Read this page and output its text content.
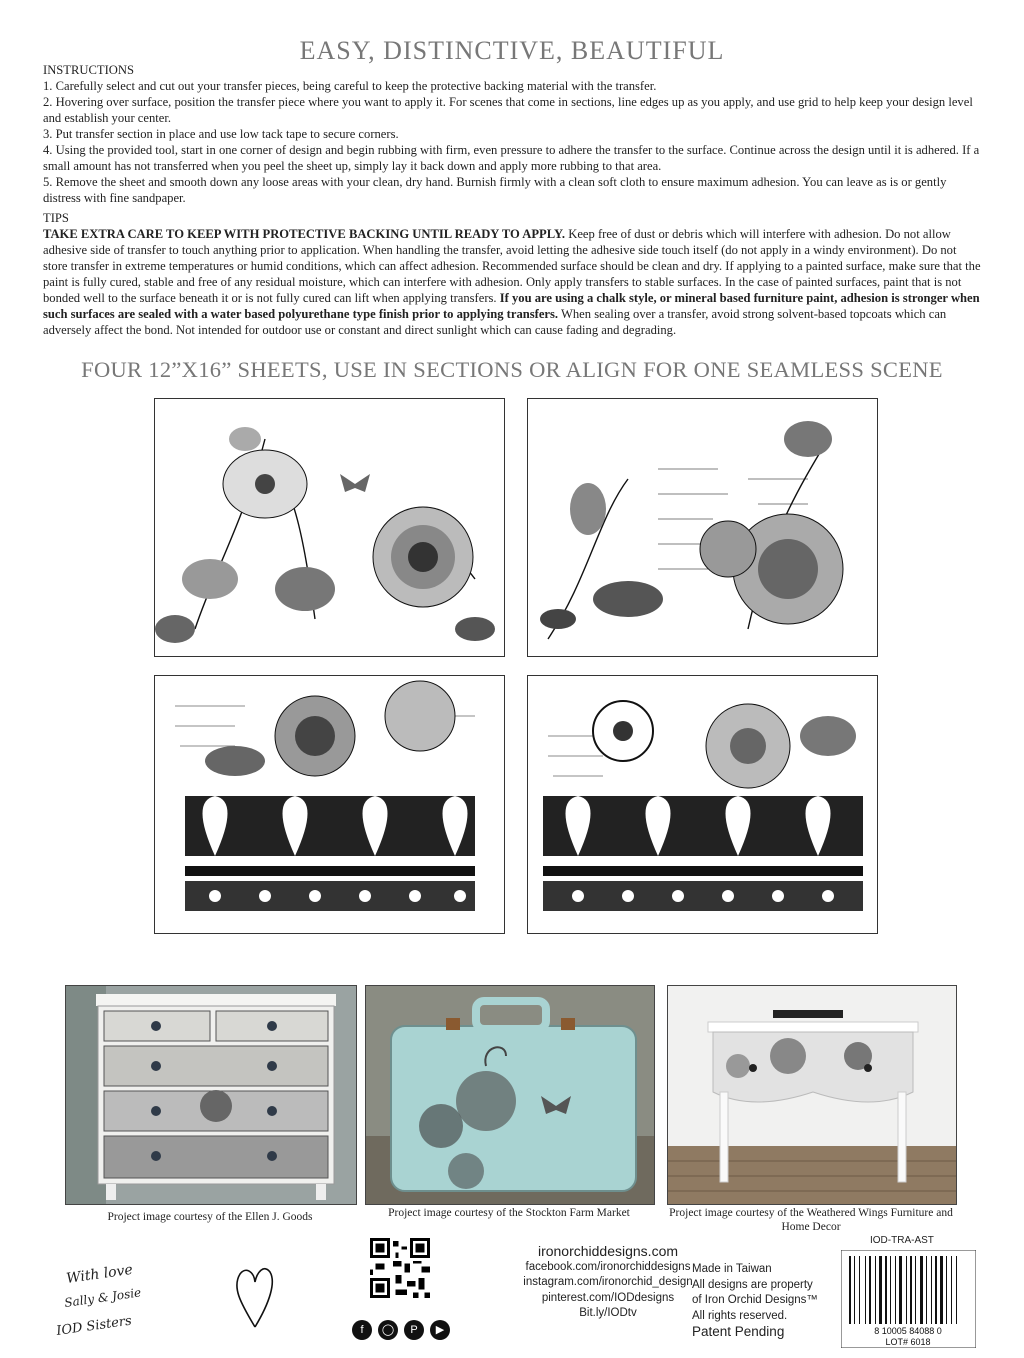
EASY, DISTINCTIVE, BEAUTIFUL

INSTRUCTIONS

1. Carefully select and cut out your transfer pieces, being careful to keep the protective backing material with the transfer.

2. Hovering over surface, position the transfer piece where you want to apply it. For scenes that come in sections, line edges up as you apply, and use grid to help keep your design level and establish your center.

3. Put transfer section in place and use low tack tape to secure corners.

4. Using the provided tool, start in one corner of design and begin rubbing with firm, even pressure to adhere the transfer to the surface. Continue across the design until it is adhered. If a small amount has not transferred when you peel the sheet up, simply lay it back down and apply more rubbing to that area.

5. Remove the sheet and smooth down any loose areas with your clean, dry hand. Burnish firmly with a clean soft cloth to ensure maximum adhesion. You can leave as is or gently distress with fine sandpaper.

TIPS

TAKE EXTRA CARE TO KEEP WITH PROTECTIVE BACKING UNTIL READY TO APPLY. Keep free of dust or debris which will interfere with adhesion. Do not allow adhesive side of transfer to touch anything prior to application. When handling the transfer, avoid letting the adhesive side touch itself (do not apply in a windy environment). Do not store transfer in extreme temperatures or humid conditions, which can affect adhesion. Recommended surface should be clean and dry. If applying to a painted surface, make sure that the paint is fully cured, stable and free of any residual moisture, which can interfere with adhesion. Only apply transfers to stable surfaces. In the case of painted surfaces, paint that is not bonded well to the surface beneath it or is not fully cured can lift when applying transfers. If you are using a chalk style, or mineral based furniture paint, adhesion is stronger when such surfaces are sealed with a water based polyurethane type finish prior to applying transfers. When sealing over a transfer, avoid strong solvent-based topcoats which can adversely affect the bond. Not intended for outdoor use or constant and direct sunlight which can cause fading and degrading.

FOUR 12”X16” SHEETS, USE IN SECTIONS OR ALIGN FOR ONE SEAMLESS SCENE
Project image courtesy of the Ellen J. Goods	Project image courtesy of the Stockton Farm Market	Project image courtesy of the Weathered Wings Furniture and Home Decor
With love
Sally & Josie
IOD Sisters	f	◯	P	▶
ironorchiddesigns.com
facebook.com/ironorchiddesigns
instagram.com/ironorchid_design
pinterest.com/IODdesigns
Bit.ly/IODtv
Made in Taiwan
All designs are property
of Iron Orchid Designs™
All rights reserved.
Patent Pending
IOD-TRA-AST
8 10005 84088 0
LOT# 6018
